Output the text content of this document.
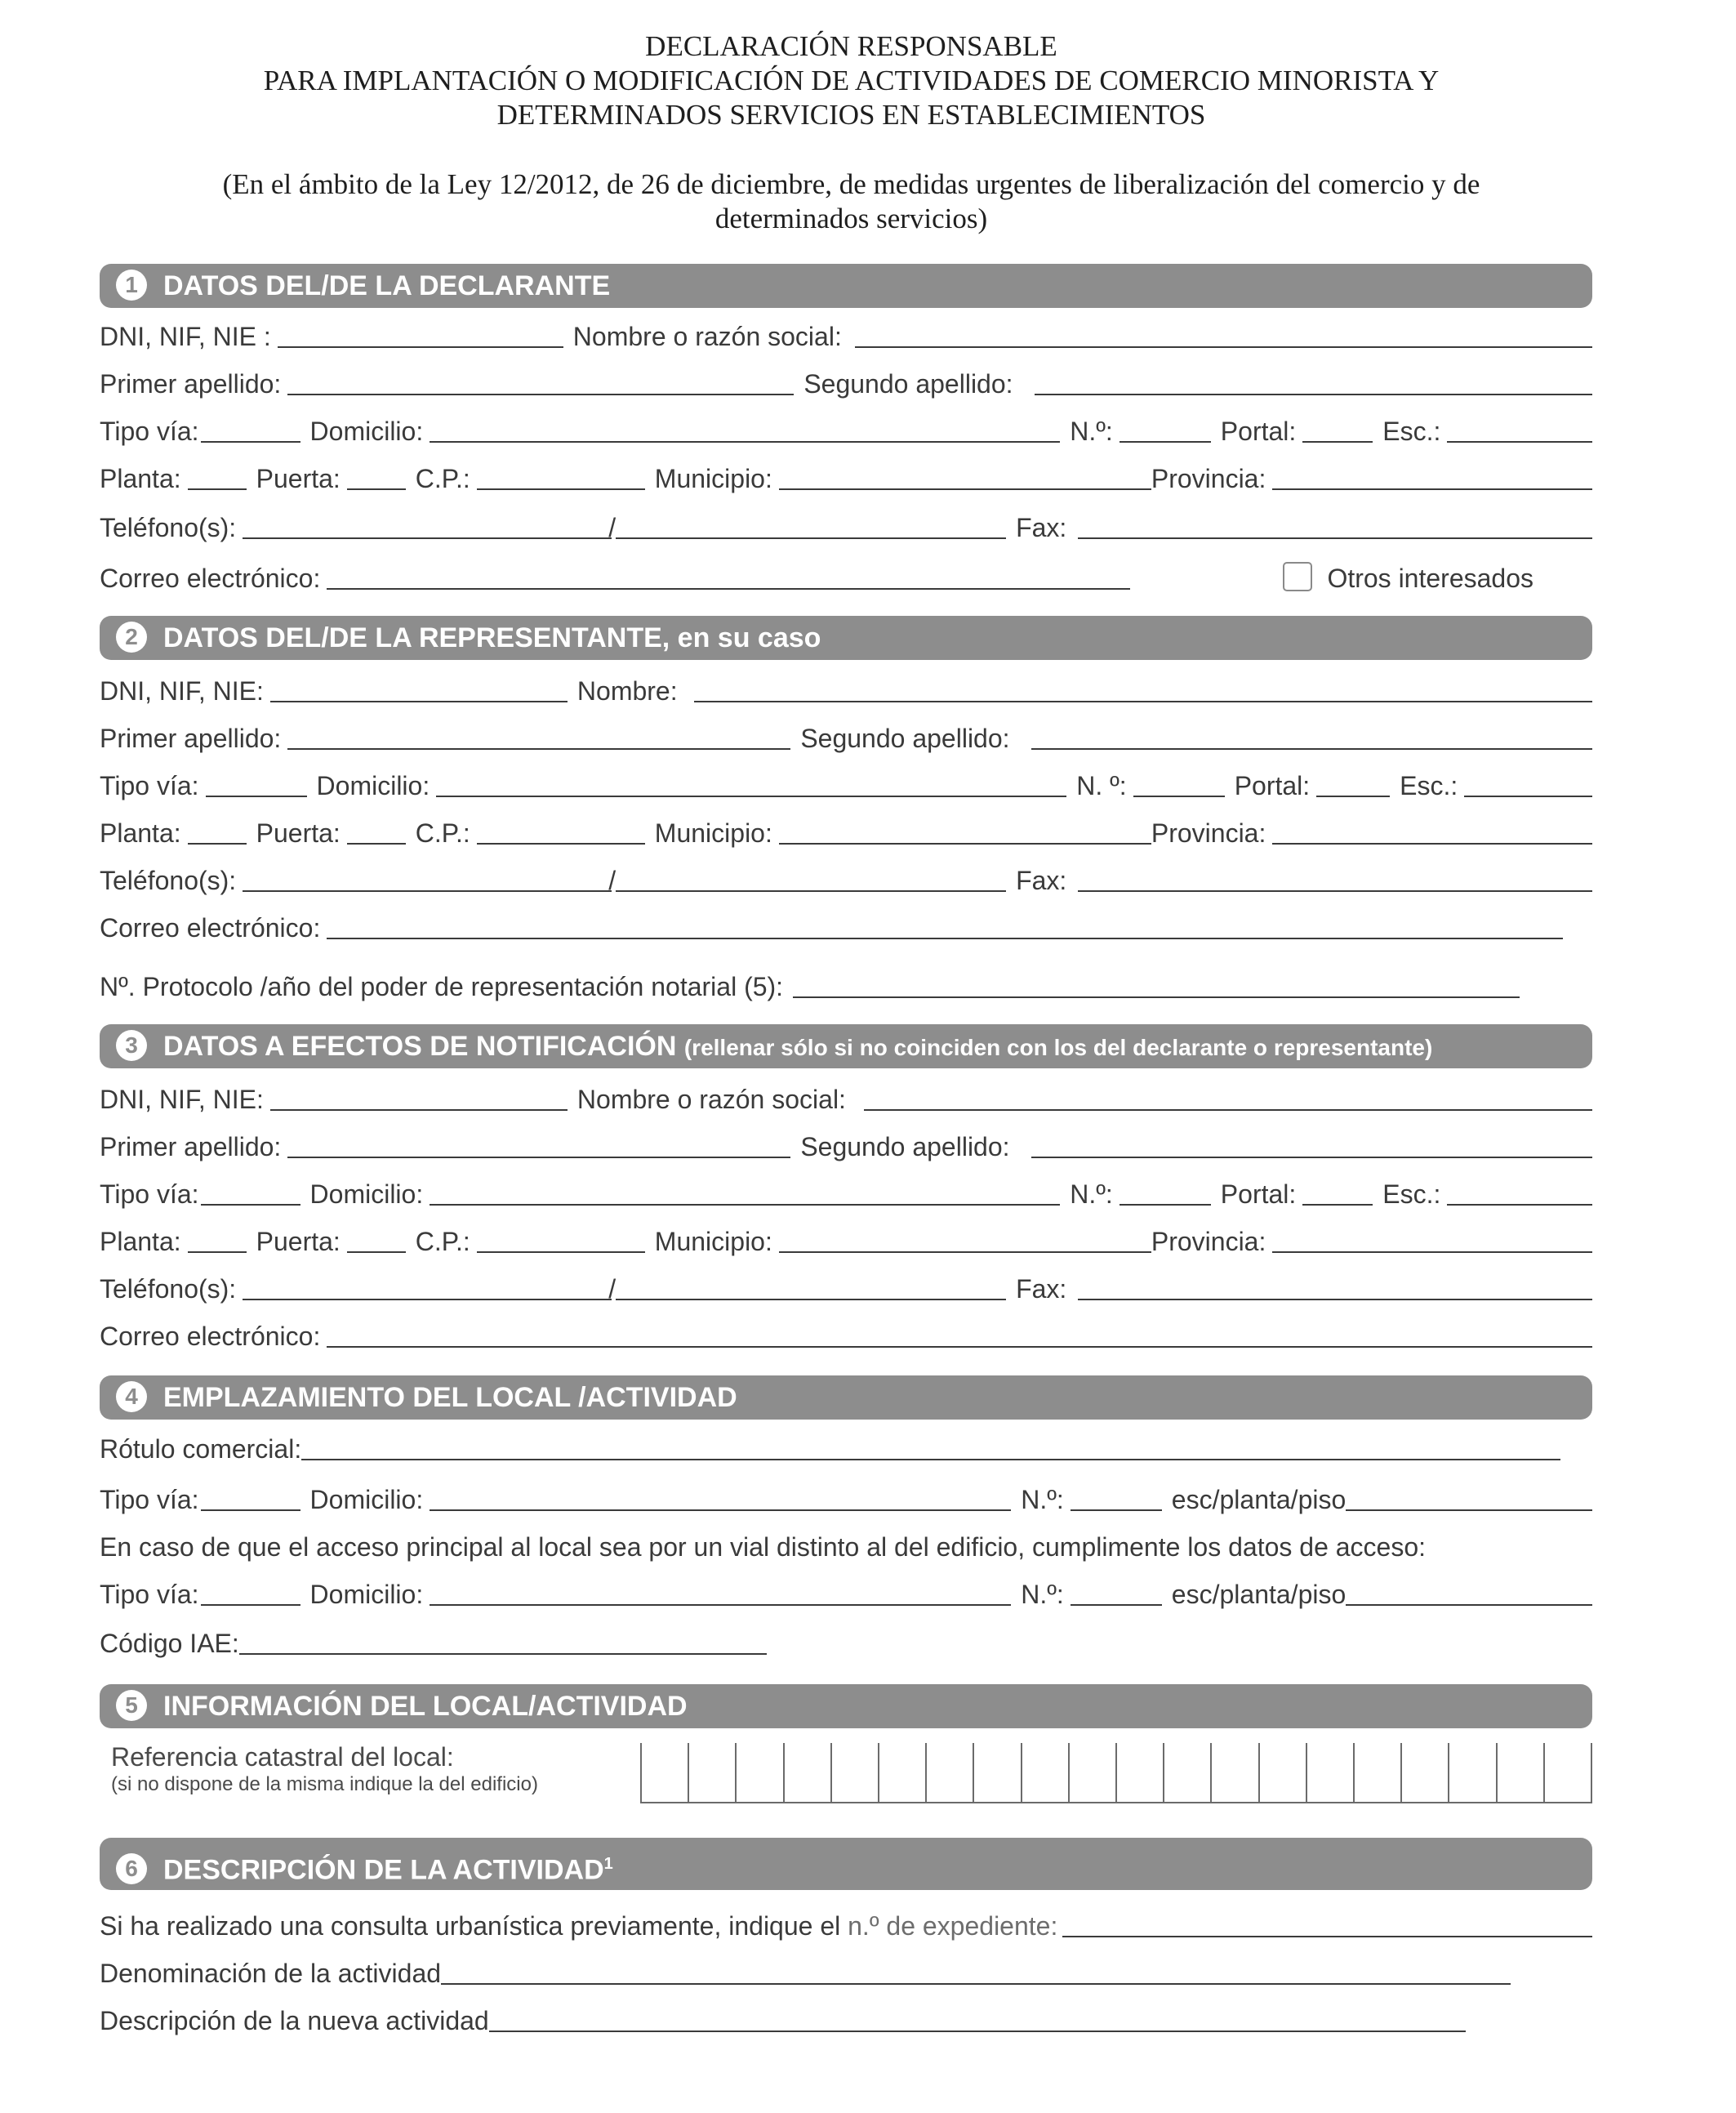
DECLARACIÓN RESPONSABLE
PARA IMPLANTACIÓN O MODIFICACIÓN DE ACTIVIDADES DE COMERCIO MINORISTA Y
DETERMINADOS SERVICIOS EN ESTABLECIMIENTOS
(En el ámbito de la Ley 12/2012, de 26 de diciembre, de medidas urgentes de liberalización del comercio y de
determinados servicios)
1 DATOS DEL/DE LA DECLARANTE
DNI, NIF, NIE :	Nombre o razón social:
Primer apellido:	Segundo apellido:
Tipo vía:	Domicilio:	N.º:	Portal:	Esc.:
Planta:	Puerta:	C.P.:	Municipio:	Provincia:
Teléfono(s):	/	Fax:
Correo electrónico:	Otros interesados
2 DATOS DEL/DE LA REPRESENTANTE, en su caso
DNI, NIF, NIE:	Nombre:
Primer apellido:	Segundo apellido:
Tipo vía:	Domicilio:	N. º:	Portal:	Esc.:
Planta:	Puerta:	C.P.:	Municipio:	Provincia:
Teléfono(s):	/	Fax:
Correo electrónico:
Nº. Protocolo /año del poder de representación notarial (5):
3 DATOS A EFECTOS DE NOTIFICACIÓN (rellenar sólo si no coinciden con los del declarante o representante)
DNI, NIF, NIE:	Nombre o razón social:
Primer apellido:	Segundo apellido:
Tipo vía:	Domicilio:	N.º:	Portal:	Esc.:
Planta:	Puerta:	C.P.:	Municipio:	Provincia:
Teléfono(s):	/	Fax:
Correo electrónico:
4 EMPLAZAMIENTO DEL LOCAL /ACTIVIDAD
Rótulo comercial:
Tipo vía:	Domicilio:	N.º:	esc/planta/piso
En caso de que el acceso principal al local sea por un vial distinto al del edificio, cumplimente los datos de acceso:
Tipo vía:	Domicilio:	N.º:	esc/planta/piso
Código IAE:
5 INFORMACIÓN DEL LOCAL/ACTIVIDAD
Referencia catastral del local:
(si no dispone de la misma indique la del edificio)
6 DESCRIPCIÓN DE LA ACTIVIDAD$^1$
Si ha realizado una consulta urbanística previamente, indique el n.º de expediente:
Denominación de la actividad
Descripción de la nueva actividad
